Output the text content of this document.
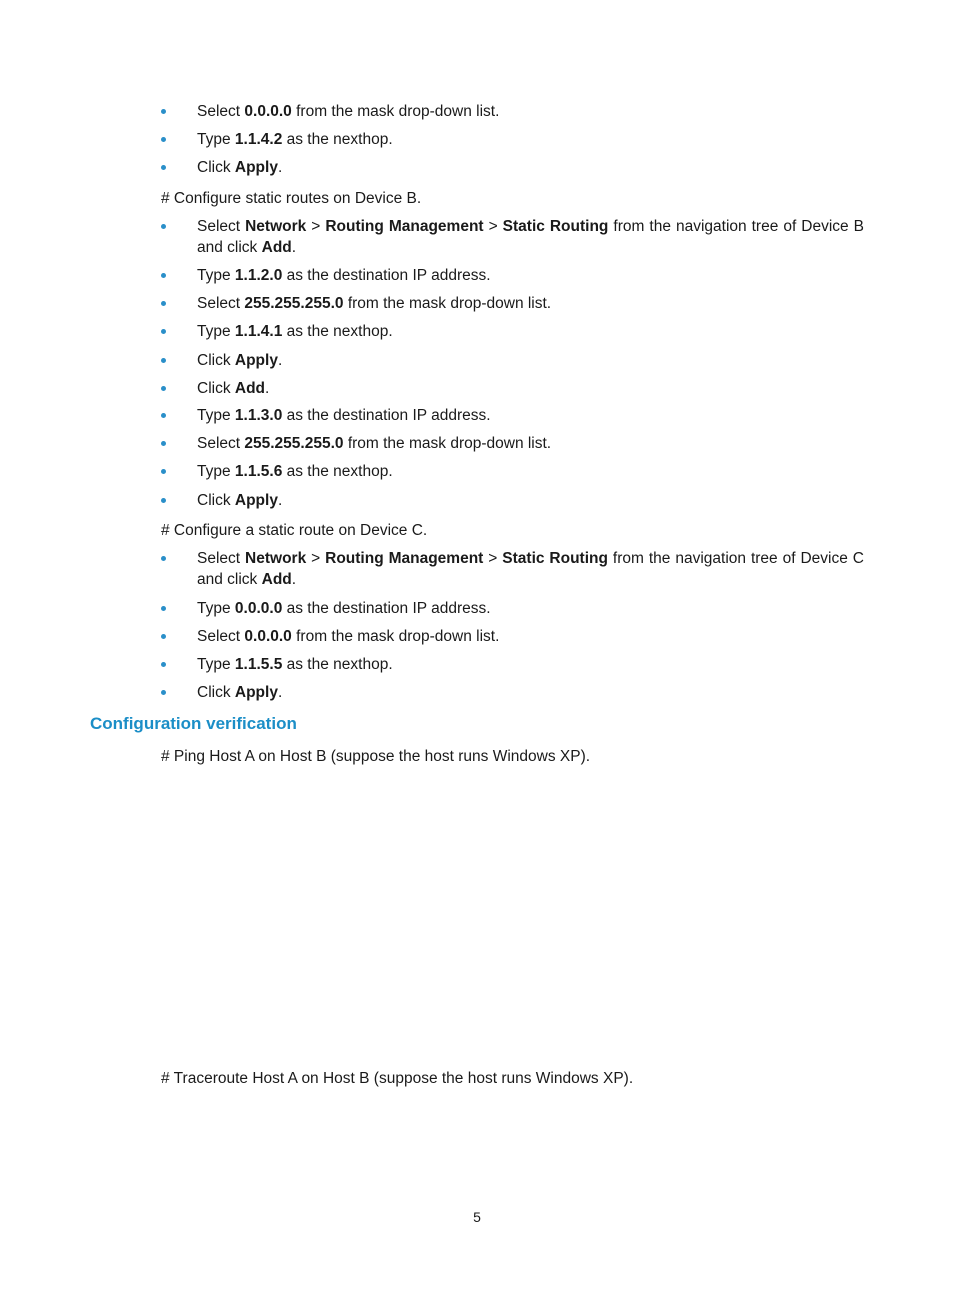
Select 0.0.0.0 from the mask drop-down list.
Type 1.1.4.2 as the nexthop.
Click Apply.
# Configure static routes on Device B.
Select Network > Routing Management > Static Routing from the navigation tree of Device B and click Add.
Type 1.1.2.0 as the destination IP address.
Select 255.255.255.0 from the mask drop-down list.
Type 1.1.4.1 as the nexthop.
Click Apply.
Click Add.
Type 1.1.3.0 as the destination IP address.
Select 255.255.255.0 from the mask drop-down list.
Type 1.1.5.6 as the nexthop.
Click Apply.
# Configure a static route on Device C.
Select Network > Routing Management > Static Routing from the navigation tree of Device C and click Add.
Type 0.0.0.0 as the destination IP address.
Select 0.0.0.0 from the mask drop-down list.
Type 1.1.5.5 as the nexthop.
Click Apply.
Configuration verification
# Ping Host A on Host B (suppose the host runs Windows XP).
# Traceroute Host A on Host B (suppose the host runs Windows XP).
5
